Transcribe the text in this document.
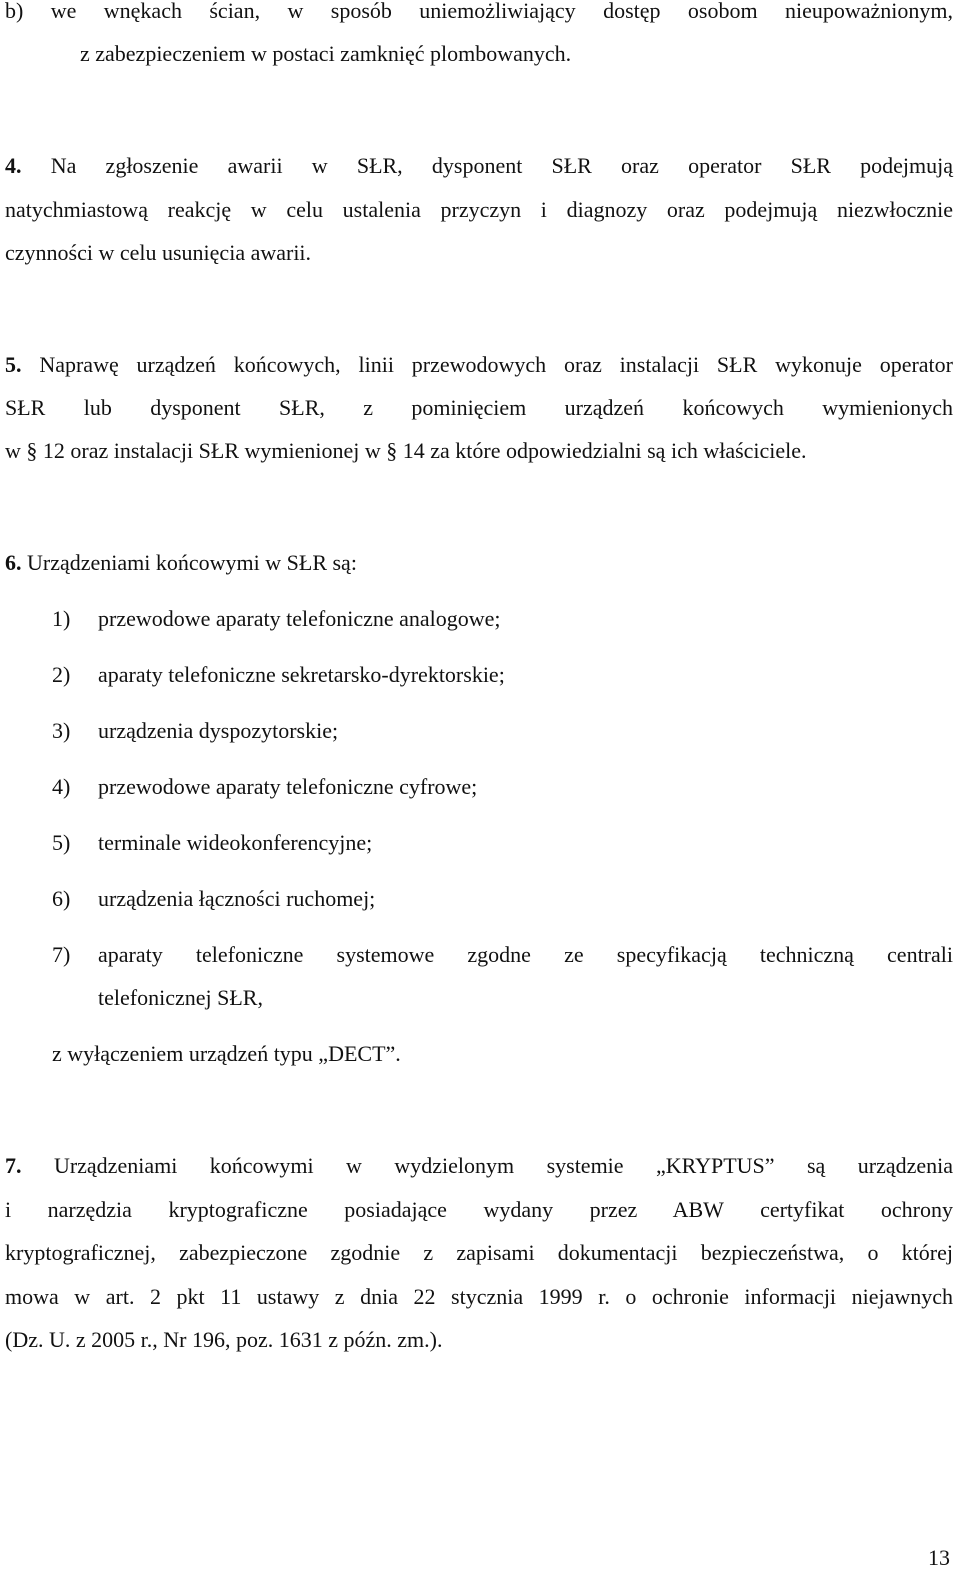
b) we wnękach ścian, w sposób uniemożliwiający dostęp osobom nieupoważnionym,
z zabezpieczeniem w postaci zamknięć plombowanych.
4. Na zgłoszenie awarii w SŁR, dysponent SŁR oraz operator SŁR podejmują
natychmiastową reakcję w celu ustalenia przyczyn i diagnozy oraz podejmują niezwłocznie
czynności w celu usunięcia awarii.
5. Naprawę urządzeń końcowych, linii przewodowych oraz instalacji SŁR wykonuje operator
SŁR lub dysponent SŁR, z pominięciem urządzeń końcowych wymienionych
w § 12 oraz instalacji SŁR wymienionej w § 14 za które odpowiedzialni są ich właściciele.
6. Urządzeniami końcowymi w SŁR są:
1) przewodowe aparaty telefoniczne analogowe;
2) aparaty telefoniczne sekretarsko-dyrektorskie;
3) urządzenia dyspozytorskie;
4) przewodowe aparaty telefoniczne cyfrowe;
5) terminale wideokonferencyjne;
6) urządzenia łączności ruchomej;
7) aparaty telefoniczne systemowe zgodne ze specyfikacją techniczną centrali
telefonicznej SŁR,
z wyłączeniem urządzeń typu „DECT”.
7. Urządzeniami końcowymi w wydzielonym systemie „KRYPTUS” są urządzenia
i narzędzia kryptograficzne posiadające wydany przez ABW certyfikat ochrony
kryptograficznej, zabezpieczone zgodnie z zapisami dokumentacji bezpieczeństwa, o której
mowa w art. 2 pkt 11 ustawy z dnia 22 stycznia 1999 r. o ochronie informacji niejawnych
(Dz. U. z 2005 r., Nr 196, poz. 1631 z późn. zm.).
13
